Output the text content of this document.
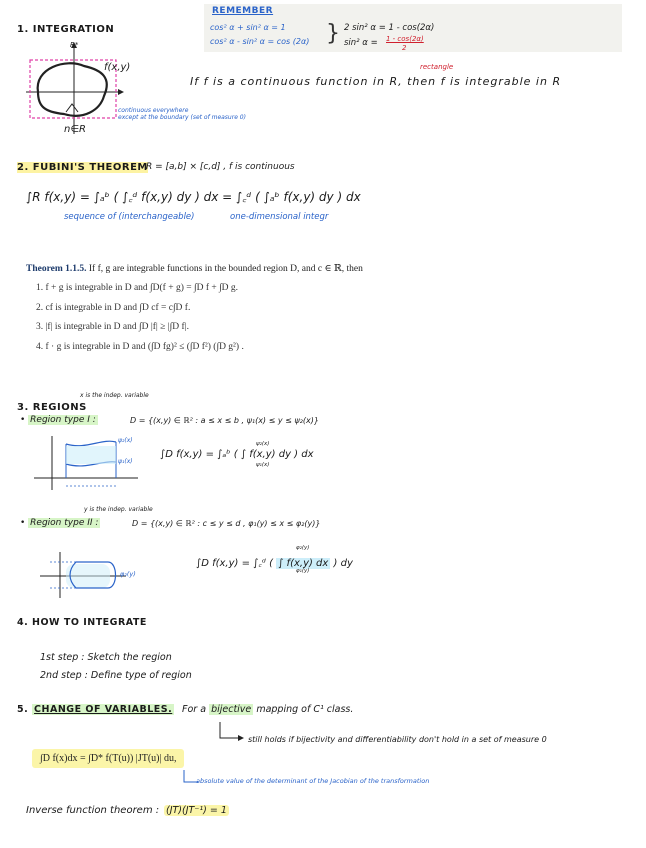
REMEMBER
cos² α + sin² α = 1
cos² α - sin² α = cos (2α) } 2 sin² α = 1 - cos(2α)
sin² α = 1 - cos(2α)
2
1. INTEGRATION
R*
f(x,y)
continuous everywhere
except at the boundary (set of measure 0)
n∈R
rectangle
If f is a continuous function in R, then f is integrable in R
2. FUBINI'S THEOREM
R = [a,b] × [c,d] , f is continuous
∫R f(x,y) = ∫ₐᵇ ( ∫꜀ᵈ f(x,y) dy ) dx = ∫꜀ᵈ ( ∫ₐᵇ f(x,y) dy ) dx
sequence of (interchangeable)	one-dimensional integr
Theorem 1.1.5. If f, g are integrable functions in the bounded region D, and c ∈ ℝ, then
1. f + g is integrable in D and ∫D(f + g) = ∫D f + ∫D g.
2. cf is integrable in D and ∫D cf = c∫D f.
3. |f| is integrable in D and ∫D |f| ≥ |∫D f|.
4. f · g is integrable in D and (∫D fg)² ≤ (∫D f²) (∫D g²) .
3. REGIONS
x is the indep. variable
• Region type I :	D = {(x,y) ∈ ℝ² : a ≤ x ≤ b , ψ₁(x) ≤ y ≤ ψ₂(x)}
ψ₂(x)
ψ₁(x)
∫D f(x,y) = ∫ₐᵇ ( ∫ f(x,y) dy ) dx
ψ₂(x)
ψ₁(x)
y is the indep. variable
• Region type II :	D = {(x,y) ∈ ℝ² : c ≤ y ≤ d , φ₁(y) ≤ x ≤ φ₂(y)}
φ₂(y)
∫D f(x,y) = ∫꜀ᵈ ( ∫ f(x,y) dx ) dy
φ₂(y)
φ₁(y)
4. HOW TO INTEGRATE
1st step : Sketch the region
2nd step : Define type of region
5. CHANGE OF VARIABLES. For a bijective mapping of C¹ class.
still holds if bijectivity and differentiability don't hold in a set of measure 0
∫D f(x)dx = ∫D* f(T(u)) |JT(u)| du,
absolute value of the determinant of the Jacobian of the transformation
Inverse function theorem : (JT)(JT⁻¹) = 1
